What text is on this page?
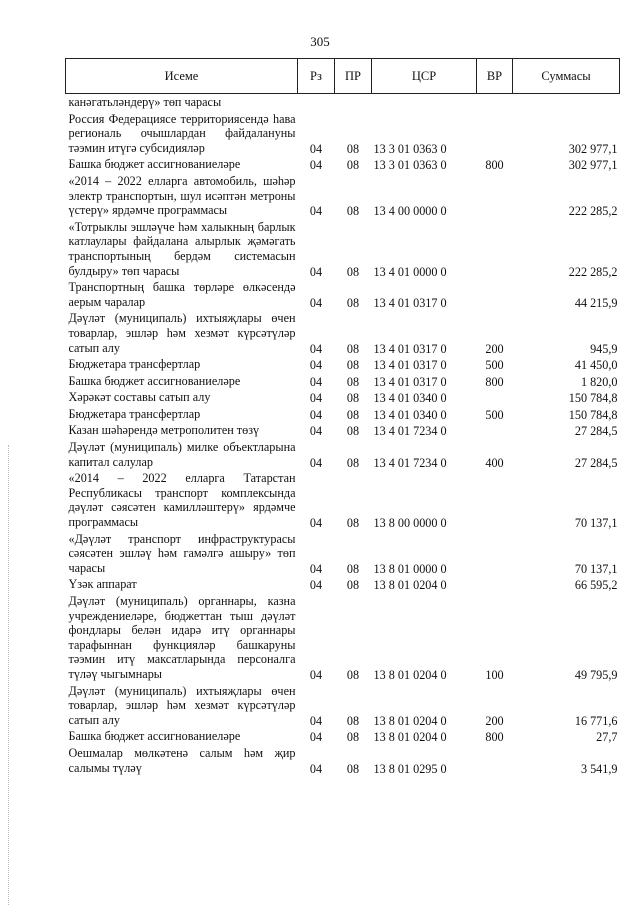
305
Исеме	Рз	ПР	ЦСР	ВР	Суммасы
канәгатьләндерү» төп чарасы					
Россия Федерациясе территориясендә һава региональ очышлардан файдалануны тәэмин итүгә субсидияләр	04	08	13 3 01 0363 0		302 977,1
Башка бюджет ассигнованиеләре	04	08	13 3 01 0363 0	800	302 977,1
«2014 – 2022 елларга автомобиль, шәһәр электр транспортын, шул исәптән метроны үстерү» ярдәмче программасы	04	08	13 4 00 0000 0		222 285,2
«Тотрыклы эшләүче һәм халыкның барлык катлаулары файдалана алырлык җәмәгать транспортының бердәм системасын булдыру» төп чарасы	04	08	13 4 01 0000 0		222 285,2
Транспортның башка төрләре өлкәсендә аерым чаралар	04	08	13 4 01 0317 0		44 215,9
Дәүләт (муниципаль) ихтыяҗлары өчен товарлар, эшләр һәм хезмәт күрсәтүләр сатып алу	04	08	13 4 01 0317 0	200	945,9
Бюджетара трансфертлар	04	08	13 4 01 0317 0	500	41 450,0
Башка бюджет ассигнованиеләре	04	08	13 4 01 0317 0	800	1 820,0
Хәрәкәт составы сатып алу	04	08	13 4 01 0340 0		150 784,8
Бюджетара трансфертлар	04	08	13 4 01 0340 0	500	150 784,8
Казан шәһәрендә метрополитен төзү	04	08	13 4 01 7234 0		27 284,5
Дәүләт (муниципаль) милке объектларына капитал салулар	04	08	13 4 01 7234 0	400	27 284,5
«2014 – 2022 елларга Татарстан Республикасы транспорт комплексында дәүләт сәясәтен камилләштерү» ярдәмче программасы	04	08	13 8 00 0000 0		70 137,1
«Дәүләт транспорт инфраструктурасы сәясәтен эшләү һәм гамәлгә ашыру» төп чарасы	04	08	13 8 01 0000 0		70 137,1
Үзәк аппарат	04	08	13 8 01 0204 0		66 595,2
Дәүләт (муниципаль) органнары, казна учреждениеләре, бюджеттан тыш дәүләт фондлары белән идарә итү органнары тарафыннан функцияләр башкаруны тәэмин итү максатларында персоналга түләү чыгымнары	04	08	13 8 01 0204 0	100	49 795,9
Дәүләт (муниципаль) ихтыяҗлары өчен товарлар, эшләр һәм хезмәт күрсәтүләр сатып алу	04	08	13 8 01 0204 0	200	16 771,6
Башка бюджет ассигнованиеләре	04	08	13 8 01 0204 0	800	27,7
Оешмалар мөлкәтенә салым һәм җир салымы түләү	04	08	13 8 01 0295 0		3 541,9
